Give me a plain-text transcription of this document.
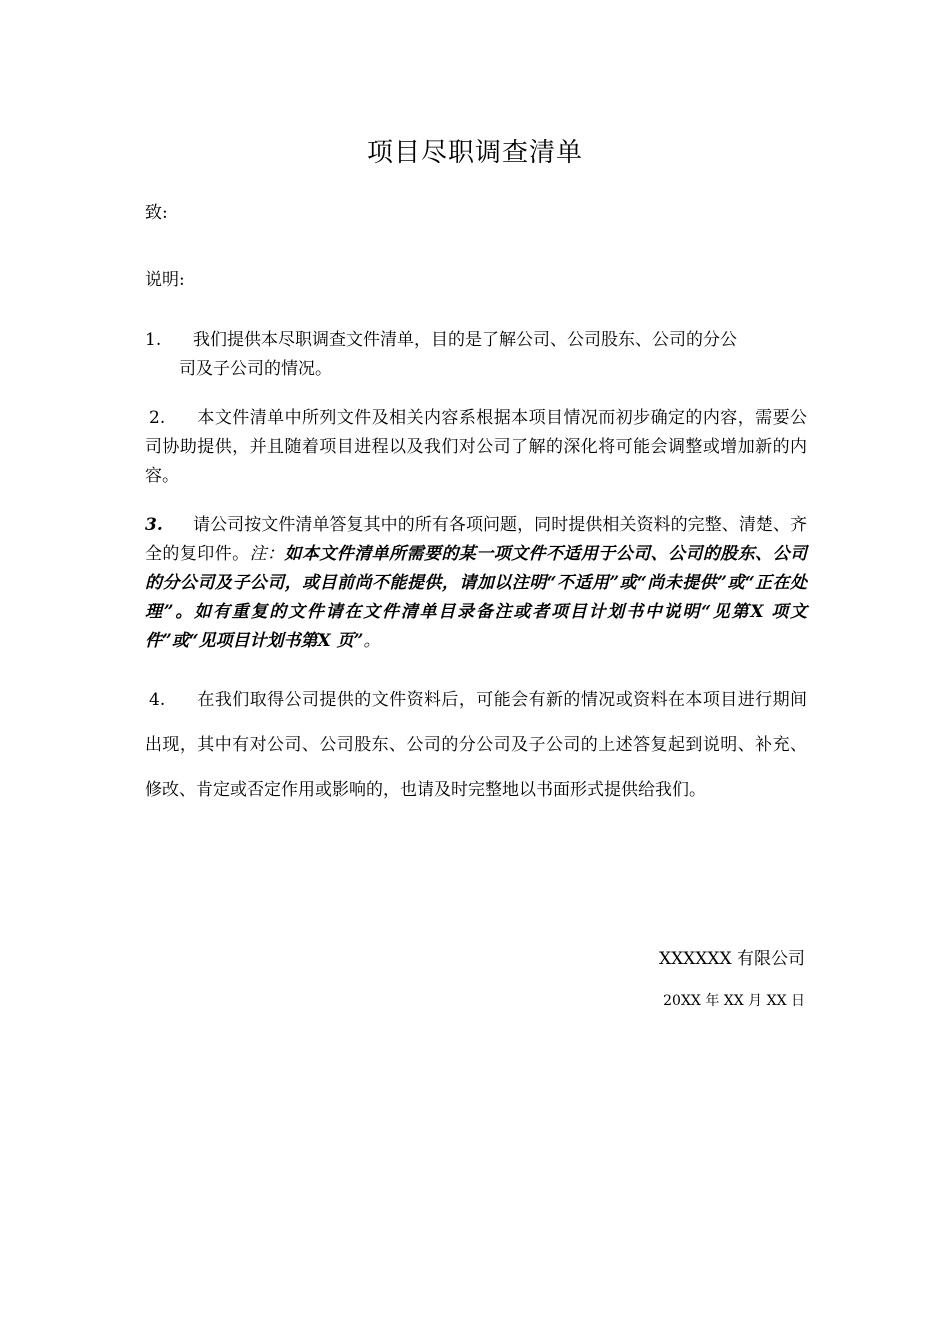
项目尽职调查清单
致:
说明:
1. 我们提供本尽职调查文件清单，目的是了解公司、公司股东、公司的分公
司及子公司的情况。
2. 本文件清单中所列文件及相关内容系根据本项目情况而初步确定的内容，需要公司协助提供，并且随着项目进程以及我们对公司了解的深化将可能会调整或增加新的内容。
3. 请公司按文件清单答复其中的所有各项问题，同时提供相关资料的完整、清楚、齐全的复印件。注：如本文件清单所需要的某一项文件不适用于公司、公司的股东、公司的分公司及子公司，或目前尚不能提供，请加以注明“不适用”或“尚未提供”或“正在处理”。如有重复的文件请在文件清单目录备注或者项目计划书中说明“见第X 项文件”或“见项目计划书第X 页”。
4. 在我们取得公司提供的文件资料后，可能会有新的情况或资料在本项目进行期间出现，其中有对公司、公司股东、公司的分公司及子公司的上述答复起到说明、补充、修改、肯定或否定作用或影响的，也请及时完整地以书面形式提供给我们。
XXXXXX 有限公司
20XX 年 XX 月 XX 日
